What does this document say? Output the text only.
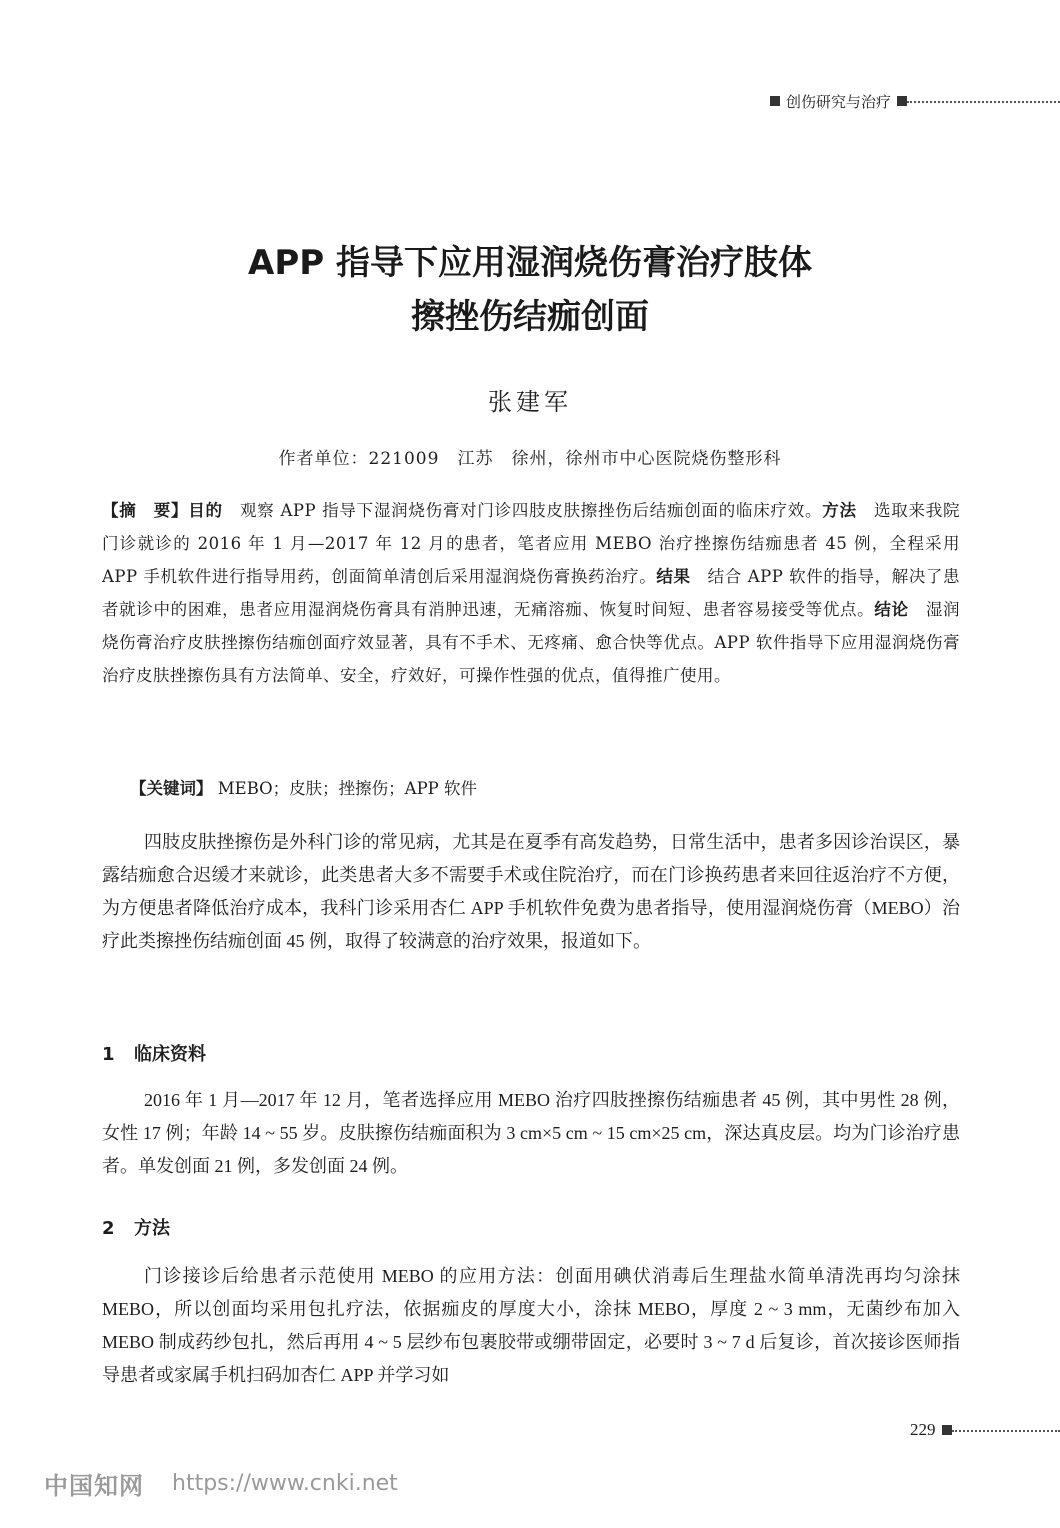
创伤研究与治疗
APP 指导下应用湿润烧伤膏治疗肢体
擦挫伤结痂创面
张建军
作者单位：221009　江苏　徐州，徐州市中心医院烧伤整形科
【摘　要】目的　 观察 APP 指导下湿润烧伤膏对门诊四肢皮肤擦挫伤后结痂创面的临床疗效。方法　 选取来我院门诊就诊的 2016 年 1 月—2017 年 12 月的患者，笔者应用 MEBO 治疗挫擦伤结痂患者 45 例，全程采用 APP 手机软件进行指导用药，创面简单清创后采用湿润烧伤膏换药治疗。结果　 结合 APP 软件的指导，解决了患者就诊中的困难，患者应用湿润烧伤膏具有消肿迅速，无痛溶痂、恢复时间短、患者容易接受等优点。结论　 湿润烧伤膏治疗皮肤挫擦伤结痂创面疗效显著，具有不手术、无疼痛、愈合快等优点。APP 软件指导下应用湿润烧伤膏治疗皮肤挫擦伤具有方法简单、安全，疗效好，可操作性强的优点，值得推广使用。
【关键词】 MEBO；皮肤；挫擦伤；APP 软件

四肢皮肤挫擦伤是外科门诊的常见病，尤其是在夏季有高发趋势，日常生活中，患者多因诊治误区，暴露结痂愈合迟缓才来就诊，此类患者大多不需要手术或住院治疗，而在门诊换药患者来回往返治疗不方便，为方便患者降低治疗成本，我科门诊采用杏仁 APP 手机软件免费为患者指导，使用湿润烧伤膏（MEBO）治疗此类擦挫伤结痂创面 45 例，取得了较满意的治疗效果，报道如下。

1 临床资料

2016 年 1 月—2017 年 12 月，笔者选择应用 MEBO 治疗四肢挫擦伤结痂患者 45 例，其中男性 28 例，女性 17 例；年龄 14 ~ 55 岁。皮肤擦伤结痂面积为 3 cm×5 cm ~ 15 cm×25 cm，深达真皮层。均为门诊治疗患者。单发创面 21 例，多发创面 24 例。

2 方法

门诊接诊后给患者示范使用 MEBO 的应用方法：创面用碘伏消毒后生理盐水简单清洗再均匀涂抹 MEBO，所以创面均采用包扎疗法，依据痂皮的厚度大小，涂抹 MEBO，厚度 2 ~ 3 mm，无菌纱布加入 MEBO 制成药纱包扎，然后再用 4 ~ 5 层纱布包裹胶带或绷带固定，必要时 3 ~ 7 d 后复诊，首次接诊医师指导患者或家属手机扫码加杏仁 APP 并学习如

229
中国知网 https://www.cnki.net
